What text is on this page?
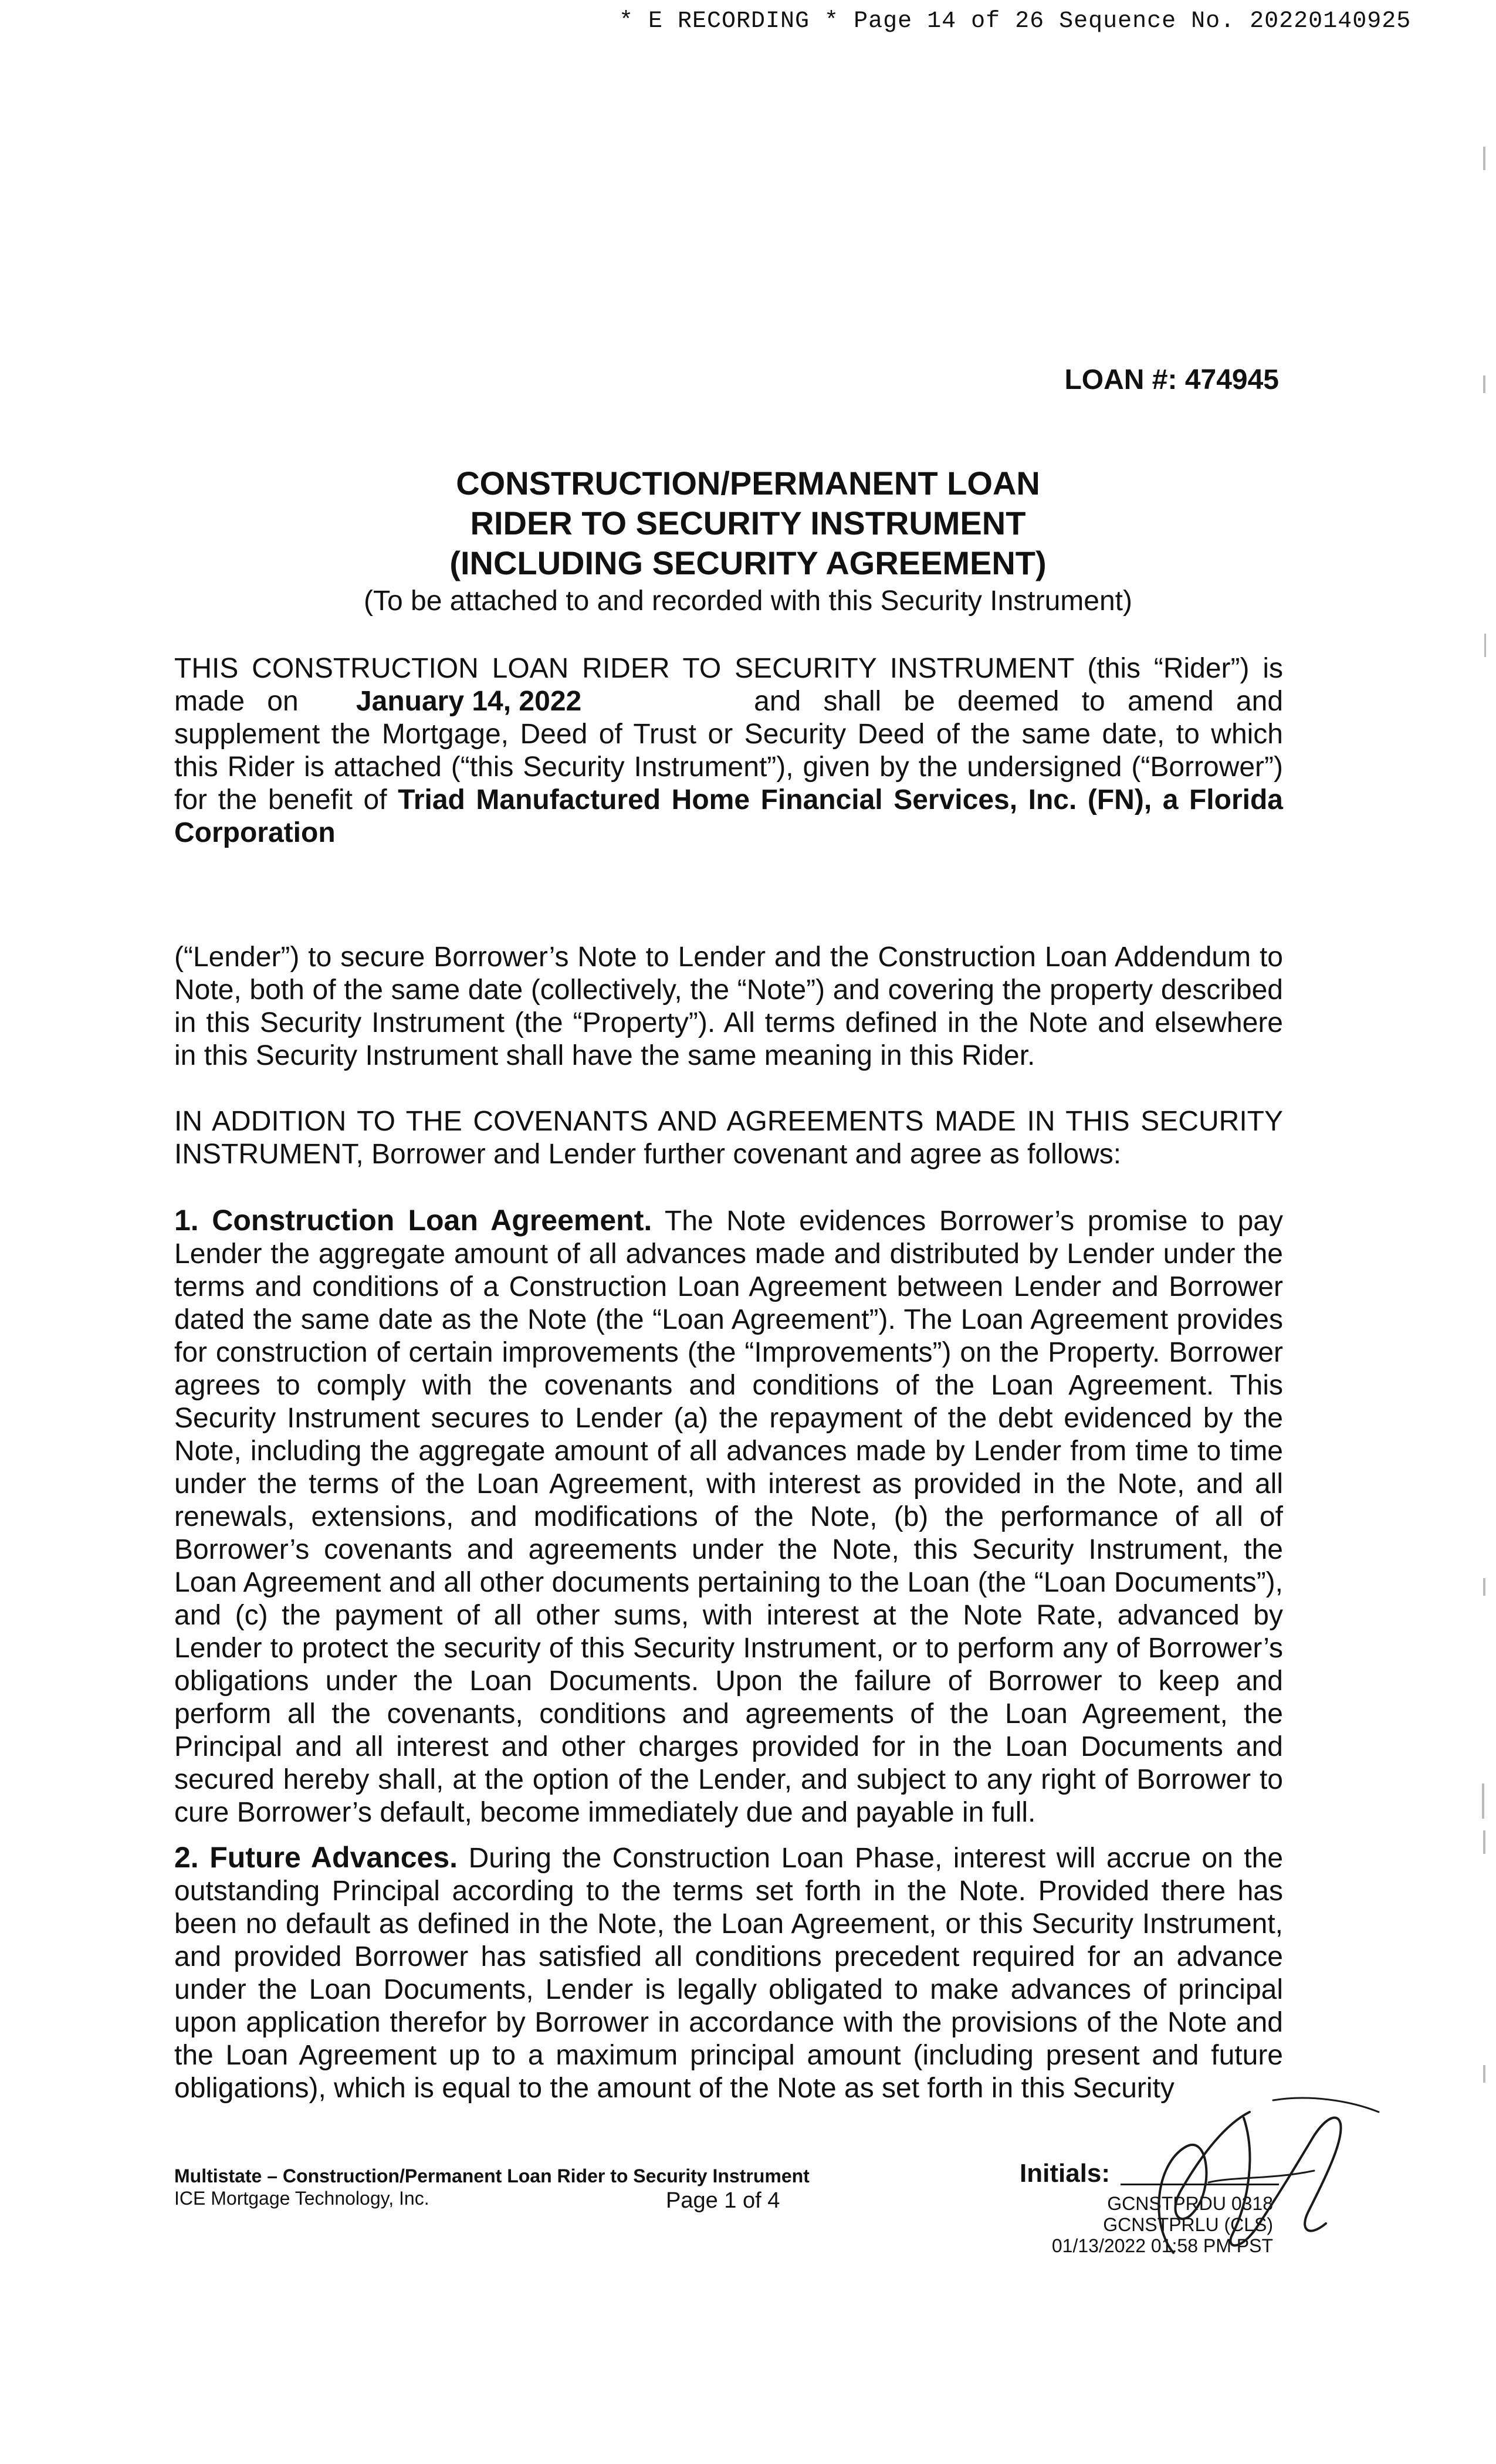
* E RECORDING * Page 14 of 26 Sequence No. 20220140925
LOAN #: 474945
CONSTRUCTION/PERMANENT LOAN
RIDER TO SECURITY INSTRUMENT
(INCLUDING SECURITY AGREEMENT)
(To be attached to and recorded with this Security Instrument)
THIS CONSTRUCTION LOAN RIDER TO SECURITY INSTRUMENT (this “Rider”) is made on January 14, 2022	and shall be deemed to amend and supplement the Mortgage, Deed of Trust or Security Deed of the same date, to which this Rider is attached (“this Security Instrument”), given by the undersigned (“Borrower”) for the benefit of Triad Manufactured Home Financial Services, Inc. (FN), a Florida Corporation
(“Lender”) to secure Borrower’s Note to Lender and the Construction Loan Addendum to Note, both of the same date (collectively, the “Note”) and covering the property described in this Security Instrument (the “Property”). All terms defined in the Note and elsewhere in this Security Instrument shall have the same meaning in this Rider.
IN ADDITION TO THE COVENANTS AND AGREEMENTS MADE IN THIS SECURITY INSTRUMENT, Borrower and Lender further covenant and agree as follows:
1. Construction Loan Agreement. The Note evidences Borrower’s promise to pay Lender the aggregate amount of all advances made and distributed by Lender under the terms and conditions of a Construction Loan Agreement between Lender and Borrower dated the same date as the Note (the “Loan Agreement”). The Loan Agreement provides for construction of certain improvements (the “Improvements”) on the Property. Borrower agrees to comply with the covenants and conditions of the Loan Agreement. This Security Instrument secures to Lender (a) the repayment of the debt evidenced by the Note, including the aggregate amount of all advances made by Lender from time to time under the terms of the Loan Agreement, with interest as provided in the Note, and all renewals, extensions, and modifications of the Note, (b) the performance of all of Borrower’s covenants and agreements under the Note, this Security Instrument, the Loan Agreement and all other documents pertaining to the Loan (the “Loan Documents”), and (c) the payment of all other sums, with interest at the Note Rate, advanced by Lender to protect the security of this Security Instrument, or to perform any of Borrower’s obligations under the Loan Documents. Upon the failure of Borrower to keep and perform all the covenants, conditions and agreements of the Loan Agreement, the Principal and all interest and other charges provided for in the Loan Documents and secured hereby shall, at the option of the Lender, and subject to any right of Borrower to cure Borrower’s default, become immediately due and payable in full.
2. Future Advances. During the Construction Loan Phase, interest will accrue on the outstanding Principal according to the terms set forth in the Note. Provided there has been no default as defined in the Note, the Loan Agreement, or this Security Instrument, and provided Borrower has satisfied all conditions precedent required for an advance under the Loan Documents, Lender is legally obligated to make advances of principal upon application therefor by Borrower in accordance with the provisions of the Note and the Loan Agreement up to a maximum principal amount (including present and future obligations), which is equal to the amount of the Note as set forth in this Security
Multistate – Construction/Permanent Loan Rider to Security Instrument
ICE Mortgage Technology, Inc.	Page 1 of 4
Initials:
GCNSTPRDU 0318
GCNSTPRLU (CLS)
01/13/2022 01:58 PM PST
